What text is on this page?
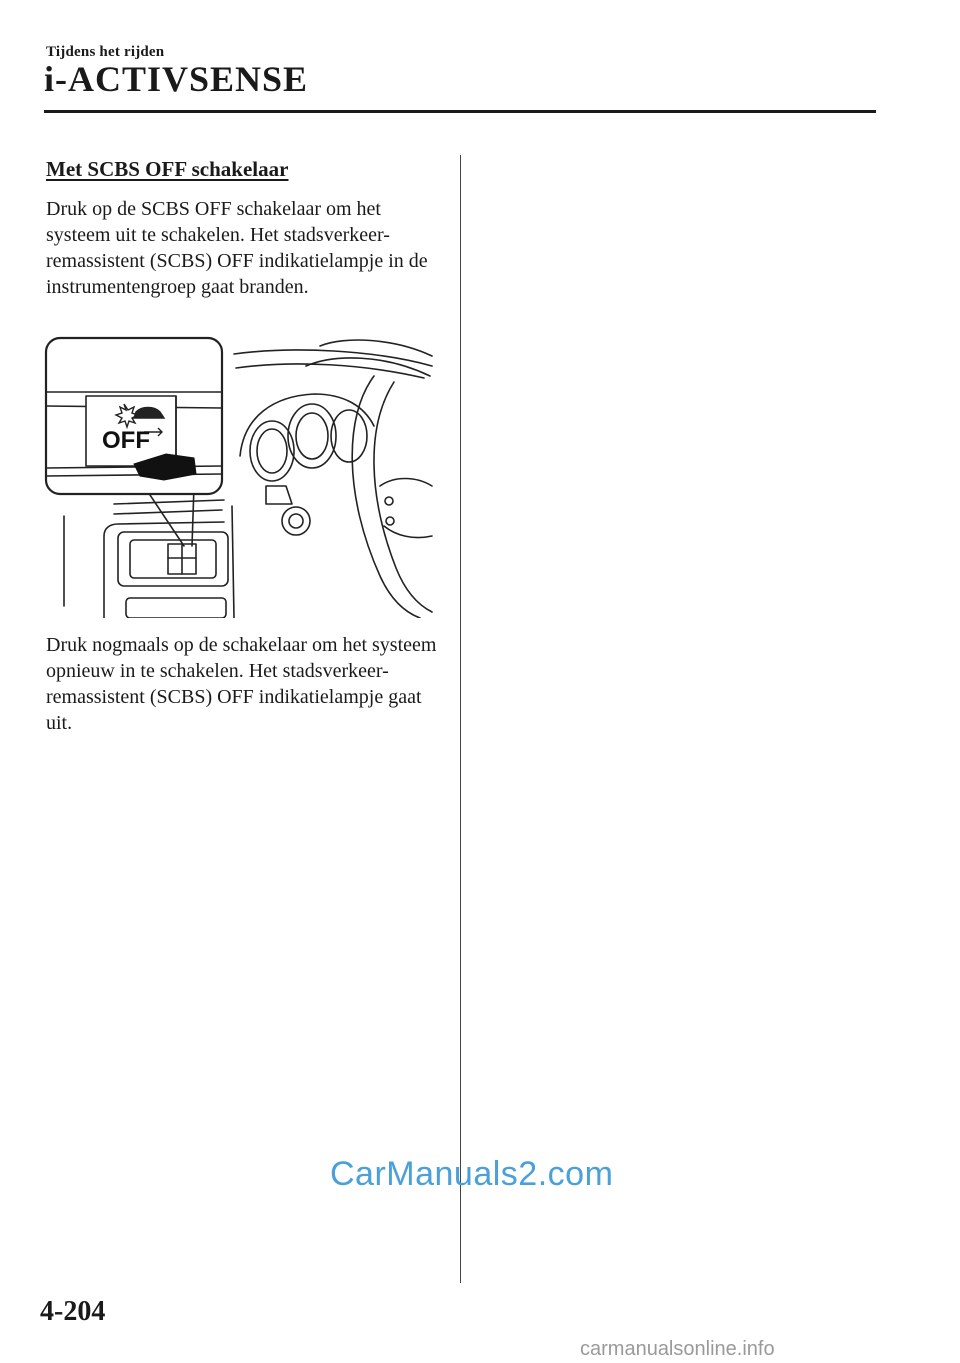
Tijdens het rijden
i-ACTIVSENSE
Met SCBS OFF schakelaar
Druk op de SCBS OFF schakelaar om het systeem uit te schakelen. Het stadsverkeer-remassistent (SCBS) OFF indikatielampje in de instrumentengroep gaat branden.
OFF
Druk nogmaals op de schakelaar om het systeem opnieuw in te schakelen. Het stadsverkeer-remassistent (SCBS) OFF indikatielampje gaat uit.
CarManuals2.com
4-204
carmanualsonline.info
